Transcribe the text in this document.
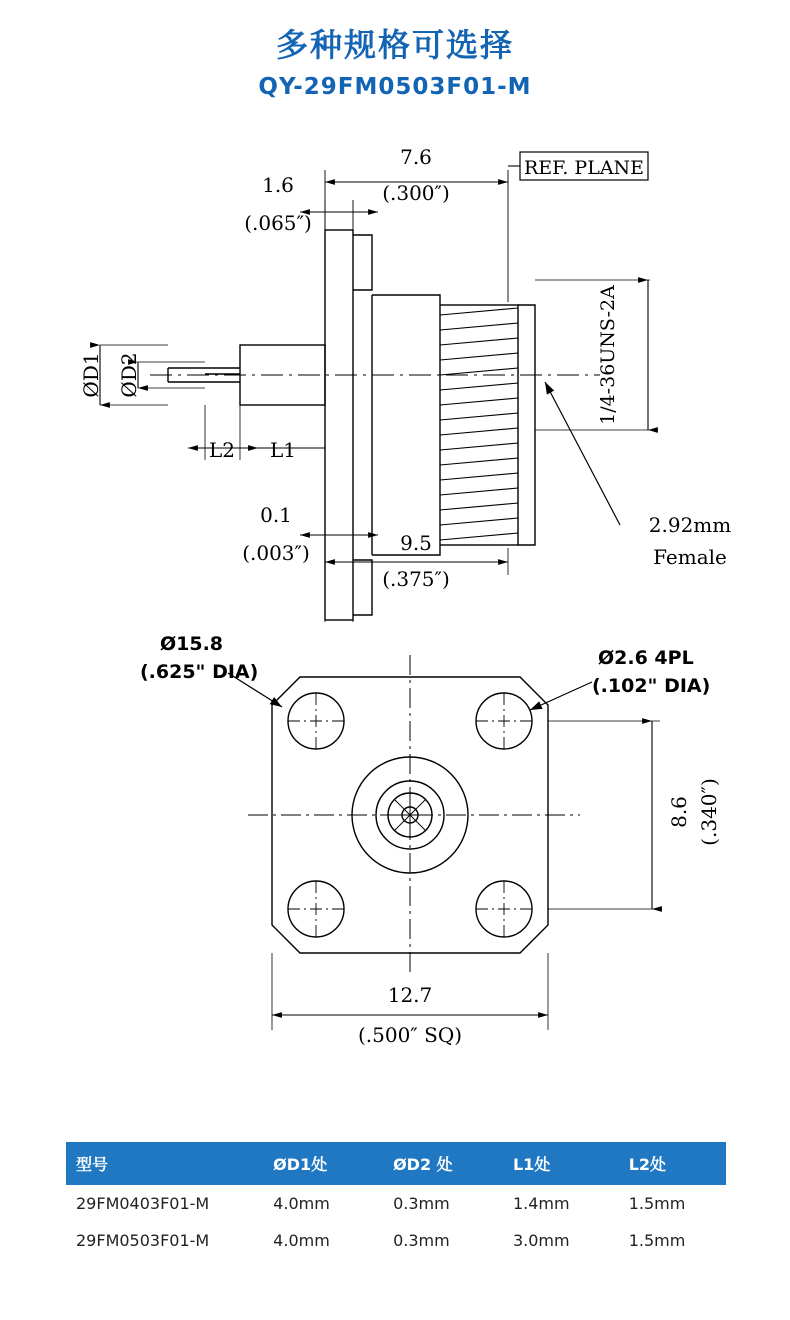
多种规格可选择
QY-29FM0503F01-M
7.6
(.300″)
1.6
(.065″)
REF. PLANE
ØD1 ØD2
L2 L1
0.1
(.003″)	9.5
(.375″)
1/4-36UNS-2A
2.92mm
Female
Ø15.8
(.625" DIA)
Ø2.6 4PL
(.102" DIA)
8.6 (.340″)
12.7
(.500″ SQ)
型号	ØD1处	ØD2 处	L1处	L2处
29FM0403F01-M	4.0mm	0.3mm	1.4mm	1.5mm
29FM0503F01-M	4.0mm	0.3mm	3.0mm	1.5mm
